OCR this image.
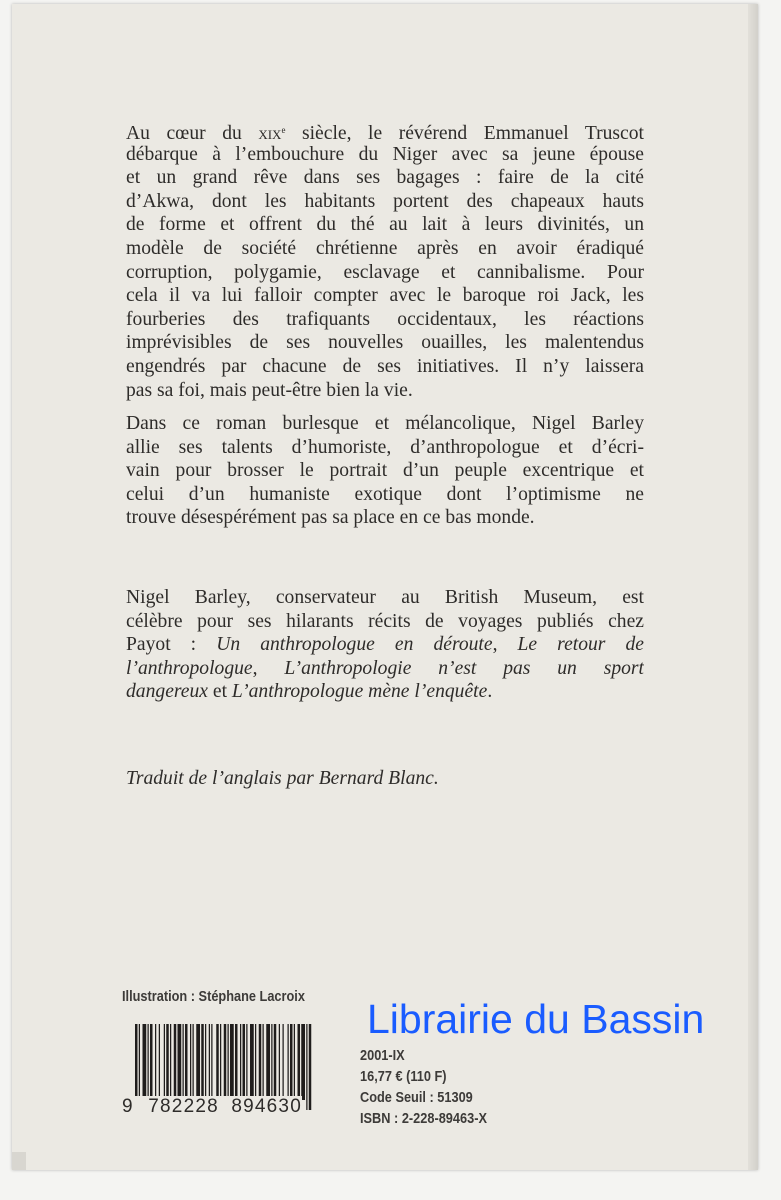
Au cœur du XIXe siècle, le révérend Emmanuel Truscot
débarque à l’embouchure du Niger avec sa jeune épouse
et un grand rêve dans ses bagages : faire de la cité
d’Akwa, dont les habitants portent des chapeaux hauts
de forme et offrent du thé au lait à leurs divinités, un
modèle de société chrétienne après en avoir éradiqué
corruption, polygamie, esclavage et cannibalisme. Pour
cela il va lui falloir compter avec le baroque roi Jack, les
fourberies des trafiquants occidentaux, les réactions
imprévisibles de ses nouvelles ouailles, les malentendus
engendrés par chacune de ses initiatives. Il n’y laissera
pas sa foi, mais peut-être bien la vie.
Dans ce roman burlesque et mélancolique, Nigel Barley
allie ses talents d’humoriste, d’anthropologue et d’écri-
vain pour brosser le portrait d’un peuple excentrique et
celui d’un humaniste exotique dont l’optimisme ne
trouve désespérément pas sa place en ce bas monde.
Nigel Barley, conservateur au British Museum, est
célèbre pour ses hilarants récits de voyages publiés chez
Payot : Un anthropologue en déroute, Le retour de
l’anthropologue, L’anthropologie n’est pas un sport
dangereux et L’anthropologue mène l’enquête.
Traduit de l’anglais par Bernard Blanc.
Illustration : Stéphane Lacroix Librairie du Bassin
2001-IX
16,77 € (110 F)
Code Seuil : 51309
ISBN : 2-228-89463-X
9 782228 894630
